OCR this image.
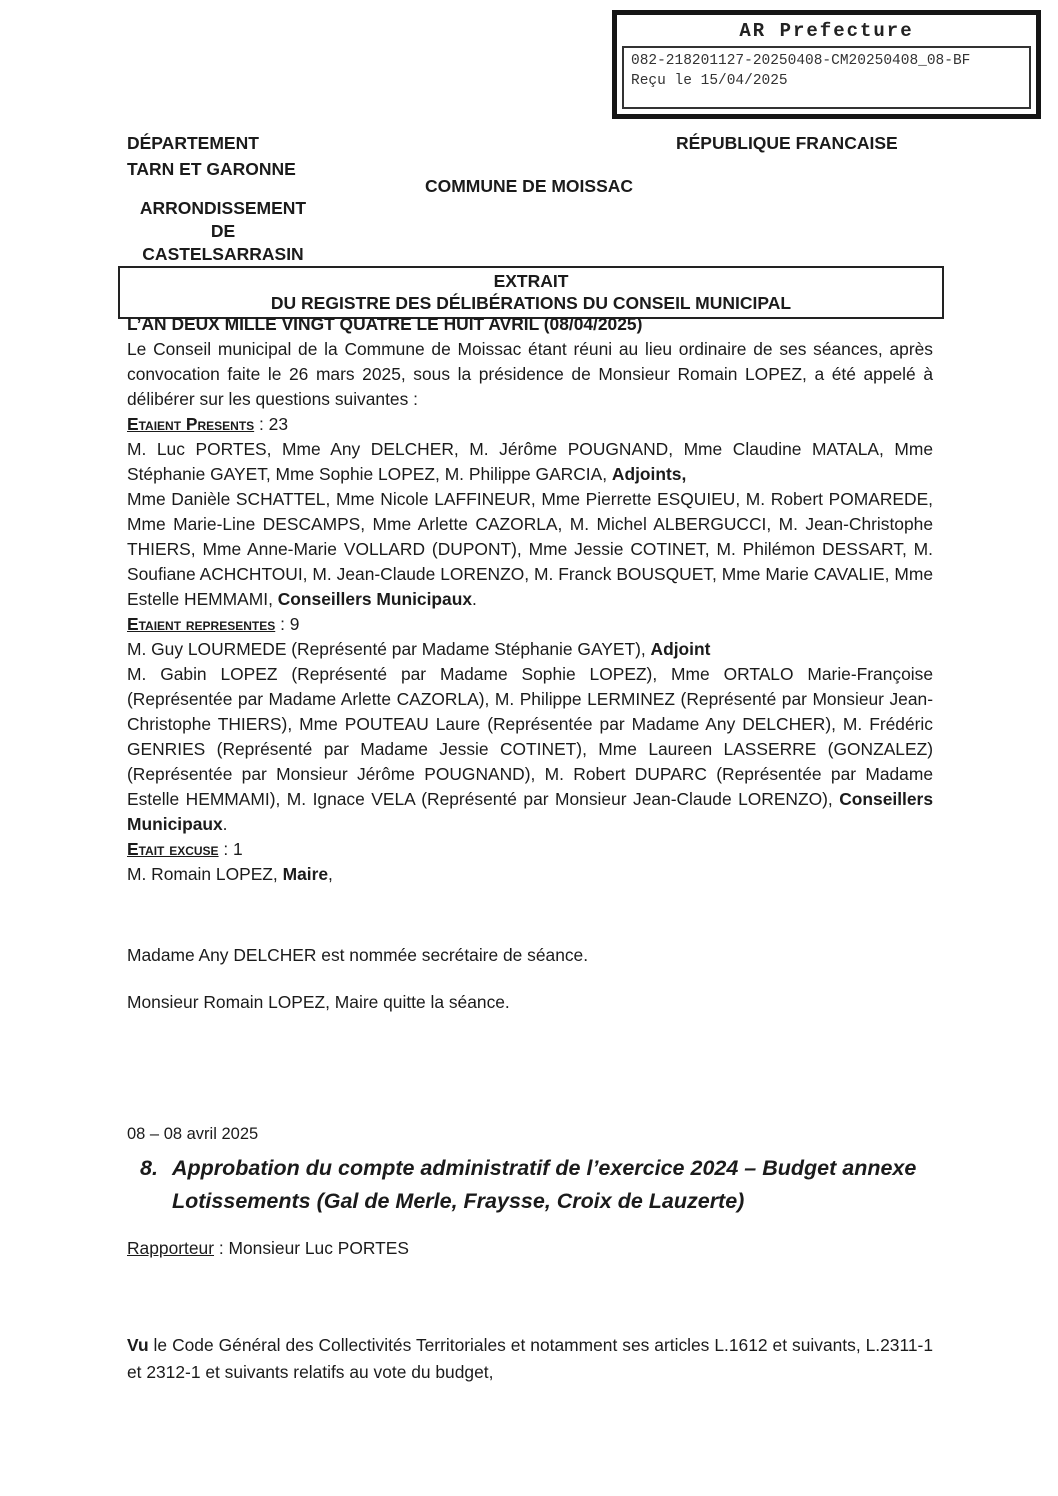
AR Prefecture
082-218201127-20250408-CM20250408_08-BF
Reçu le 15/04/2025
DÉPARTEMENT
TARN ET GARONNE
RÉPUBLIQUE FRANCAISE
COMMUNE DE MOISSAC
ARRONDISSEMENT
DE
CASTELSARRASIN
EXTRAIT
DU REGISTRE DES DÉLIBÉRATIONS DU CONSEIL MUNICIPAL

L’AN DEUX MILLE VINGT QUATRE LE HUIT AVRIL (08/04/2025)

Le Conseil municipal de la Commune de Moissac étant réuni au lieu ordinaire de ses séances, après convocation faite le 26 mars 2025, sous la présidence de Monsieur Romain LOPEZ, a été appelé à délibérer sur les questions suivantes :

Etaient Presents : 23

M. Luc PORTES, Mme Any DELCHER, M. Jérôme POUGNAND, Mme Claudine MATALA, Mme Stéphanie GAYET, Mme Sophie LOPEZ, M. Philippe GARCIA, Adjoints,

Mme Danièle SCHATTEL, Mme Nicole LAFFINEUR, Mme Pierrette ESQUIEU, M. Robert POMAREDE, Mme Marie-Line DESCAMPS, Mme Arlette CAZORLA, M. Michel ALBERGUCCI, M. Jean-Christophe THIERS, Mme Anne-Marie VOLLARD (DUPONT), Mme Jessie COTINET, M. Philémon DESSART, M. Soufiane ACHCHTOUI, M. Jean-Claude LORENZO, M. Franck BOUSQUET, Mme Marie CAVALIE, Mme Estelle HEMMAMI, Conseillers Municipaux.

Etaient representes : 9

M. Guy LOURMEDE (Représenté par Madame Stéphanie GAYET), Adjoint

M. Gabin LOPEZ (Représenté par Madame Sophie LOPEZ), Mme ORTALO Marie-Françoise (Représentée par Madame Arlette CAZORLA), M. Philippe LERMINEZ (Représenté par Monsieur Jean-Christophe THIERS), Mme POUTEAU Laure (Représentée par Madame Any DELCHER), M. Frédéric GENRIES (Représenté par Madame Jessie COTINET), Mme Laureen LASSERRE (GONZALEZ) (Représentée par Monsieur Jérôme POUGNAND), M. Robert DUPARC (Représentée par Madame Estelle HEMMAMI), M. Ignace VELA (Représenté par Monsieur Jean-Claude LORENZO), Conseillers Municipaux.

Etait excuse : 1

M. Romain LOPEZ, Maire,

Madame Any DELCHER est nommée secrétaire de séance.
Monsieur Romain LOPEZ, Maire quitte la séance.
08 – 08 avril 2025
8. Approbation du compte administratif de l’exercice 2024 – Budget annexe Lotissements (Gal de Merle, Fraysse, Croix de Lauzerte)
Rapporteur : Monsieur Luc PORTES

Vu le Code Général des Collectivités Territoriales et notamment ses articles L.1612 et suivants, L.2311-1 et 2312-1 et suivants relatifs au vote du budget,
